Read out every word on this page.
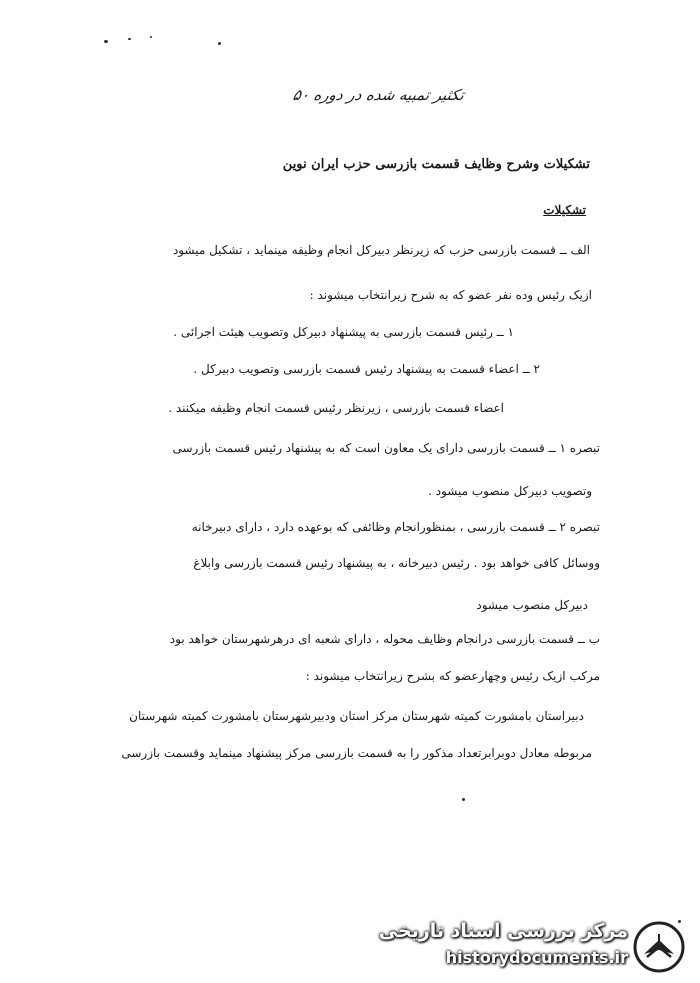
تکثیر تمبیه شده در دوره ۵۰
تشکیلات وشرح وظایف قسمت بازرسی حزب ایران نوین
تشکیلات
الف ــ قسمت بازرسی حزب که زیرنظر دبیرکل انجام وظیفه مینماید ، تشکیل میشود
ازیک رئیس وده نفر عضو که به شرح زیرانتخاب میشوند :
۱ ــ رئیس قسمت بازرسی به پیشنهاد دبیرکل وتصویب هیئت اجرائی .
۲ ــ اعضاء قسمت به پیشنهاد رئیس قسمت بازرسی وتصویب دبیرکل .
اعضاء قسمت بازرسی ، زیرنظر رئیس قسمت انجام وظیفه میکنند .
تبصره ۱ ــ قسمت بازرسی دارای یک معاون است که به پیشنهاد رئیس قسمت بازرسی
وتصویب دبیرکل منصوب میشود .
تبصره ۲ ــ قسمت بازرسی ، بمنظورانجام وظائفی که بوعهده دارد ، دارای دبیرخانه
ووسائل کافی خواهد بود . رئیس دبیرخانه ، به پیشنهاد رئیس قسمت بازرسی وابلاغ
دبیرکل منصوب میشود
ب ــ قسمت بازرسی درانجام وظایف محوله ، دارای شعبه ای درهرشهرستان خواهد بود
مرکب ازیک رئیس وچهارعضو که بشرح زیرانتخاب میشوند :
دبیراستان بامشورت کمیته شهرستان مرکز استان ودبیرشهرستان بامشورت کمیته شهرستان
مربوطه معادل دوبرابرتعداد مذکور را به قسمت بازرسی مرکز پیشنهاد مینماید وقسمت بازرسی
مرکز بررسی اسناد تاریخی
historydocuments.ir
